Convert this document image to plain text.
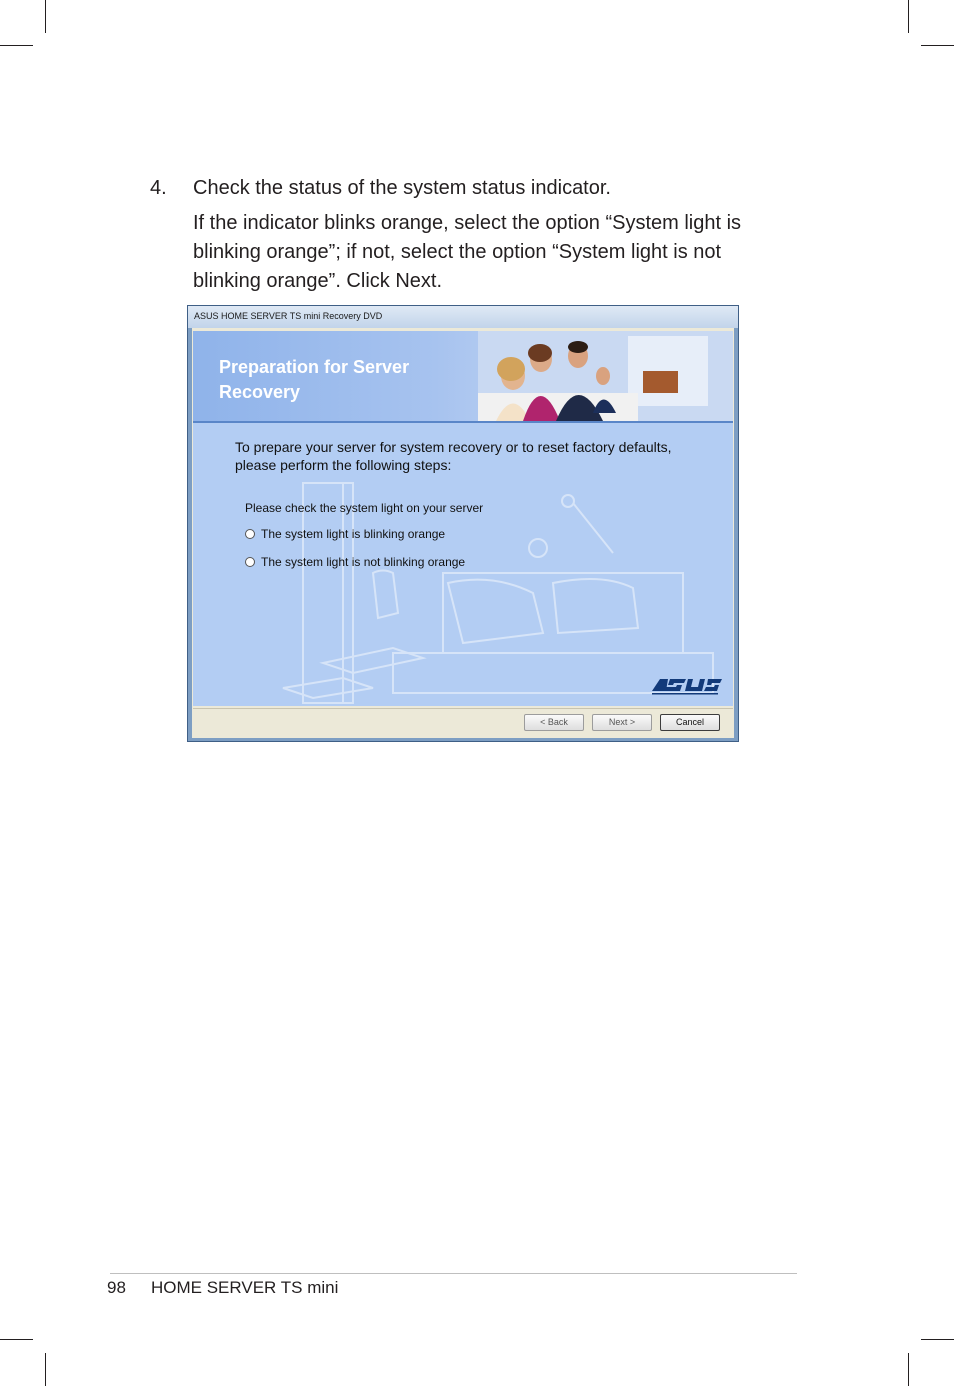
4. Check the status of the system status indicator.
If the indicator blinks orange, select the option “System light is blinking orange”; if not, select the option “System light is not blinking orange”. Click Next.
ASUS HOME SERVER TS mini Recovery DVD
Preparation for Server Recovery
To prepare your server for system recovery or to reset factory defaults, please perform the following steps:
Please check the system light on your server
The system light is blinking orange
The system light is not blinking orange
< Back	Next >	Cancel
98 HOME SERVER TS mini
